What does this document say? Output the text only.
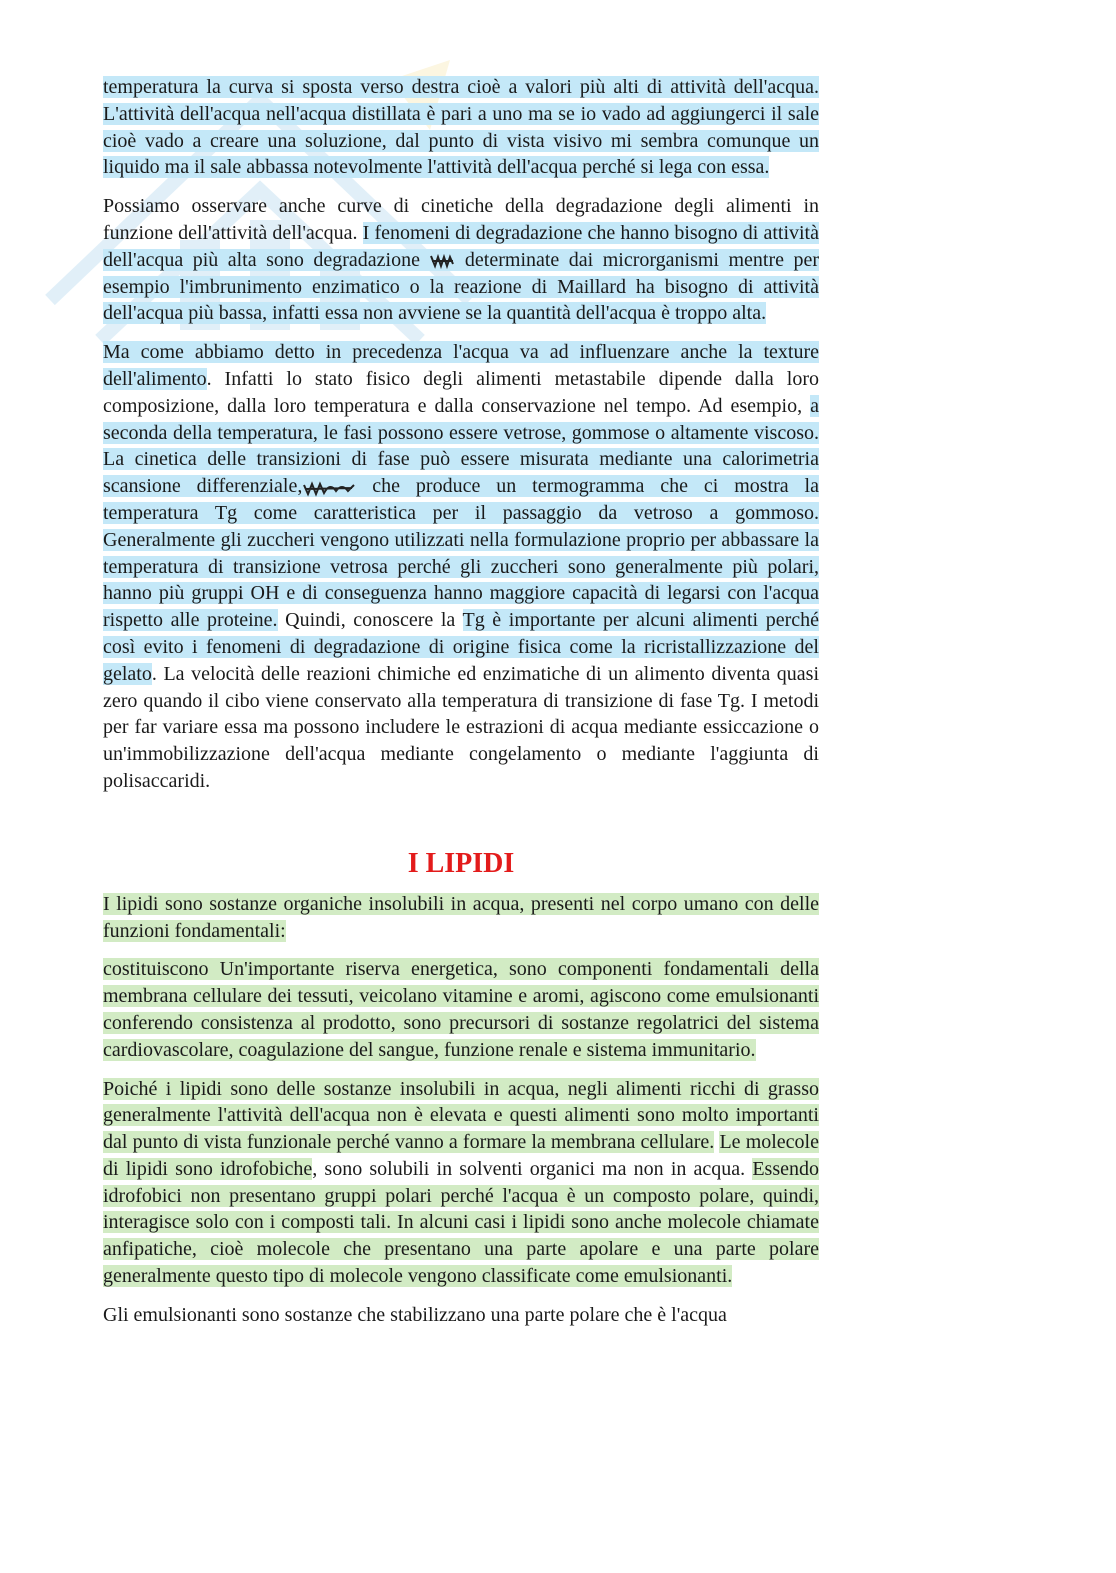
temperatura la curva si sposta verso destra cioè a valori più alti di attività dell'acqua. L'attività dell'acqua nell'acqua distillata è pari a uno ma se io vado ad aggiungerci il sale cioè vado a creare una soluzione, dal punto di vista visivo mi sembra comunque un liquido ma il sale abbassa notevolmente l'attività dell'acqua perché si lega con essa.

Possiamo osservare anche curve di cinetiche della degradazione degli alimenti in funzione dell'attività dell'acqua. I fenomeni di degradazione che hanno bisogno di attività dell'acqua più alta sono degradazione  determinate dai microrganismi mentre per esempio l'imbrunimento enzimatico o la reazione di Maillard ha bisogno di attività dell'acqua più bassa, infatti essa non avviene se la quantità dell'acqua è troppo alta.

Ma come abbiamo detto in precedenza l'acqua va ad influenzare anche la texture dell'alimento. Infatti lo stato fisico degli alimenti metastabile dipende dalla loro composizione, dalla loro temperatura e dalla conservazione nel tempo. Ad esempio, a seconda della temperatura, le fasi possono essere vetrose, gommose o altamente viscoso. La cinetica delle transizioni di fase può essere misurata mediante una calorimetria scansione differenziale,	che produce un termogramma che ci mostra la temperatura Tg come caratteristica per il passaggio da vetroso a gommoso. Generalmente gli zuccheri vengono utilizzati nella formulazione proprio per abbassare la temperatura di transizione vetrosa perché gli zuccheri sono generalmente più polari, hanno più gruppi OH e di conseguenza hanno maggiore capacità di legarsi con l'acqua rispetto alle proteine. Quindi, conoscere la Tg è importante per alcuni alimenti perché così evito i fenomeni di degradazione di origine fisica come la ricristallizzazione del gelato. La velocità delle reazioni chimiche ed enzimatiche di un alimento diventa quasi zero quando il cibo viene conservato alla temperatura di transizione di fase Tg. I metodi per far variare essa ma possono includere le estrazioni di acqua mediante essiccazione o un'immobilizzazione dell'acqua mediante congelamento o mediante l'aggiunta di polisaccaridi.

I LIPIDI

I lipidi sono sostanze organiche insolubili in acqua, presenti nel corpo umano con delle funzioni fondamentali:

costituiscono Un'importante riserva energetica, sono componenti fondamentali della membrana cellulare dei tessuti, veicolano vitamine e aromi, agiscono come emulsionanti conferendo consistenza al prodotto, sono precursori di sostanze regolatrici del sistema cardiovascolare, coagulazione del sangue, funzione renale e sistema immunitario.

Poiché i lipidi sono delle sostanze insolubili in acqua, negli alimenti ricchi di grasso generalmente l'attività dell'acqua non è elevata e questi alimenti sono molto importanti dal punto di vista funzionale perché vanno a formare la membrana cellulare. Le molecole di lipidi sono idrofobiche, sono solubili in solventi organici ma non in acqua. Essendo idrofobici non presentano gruppi polari perché l'acqua è un composto polare, quindi, interagisce solo con i composti tali. In alcuni casi i lipidi sono anche molecole chiamate anfipatiche, cioè molecole che presentano una parte apolare e una parte polare generalmente questo tipo di molecole vengono classificate come emulsionanti.

Gli emulsionanti sono sostanze che stabilizzano una parte polare che è l'acqua
